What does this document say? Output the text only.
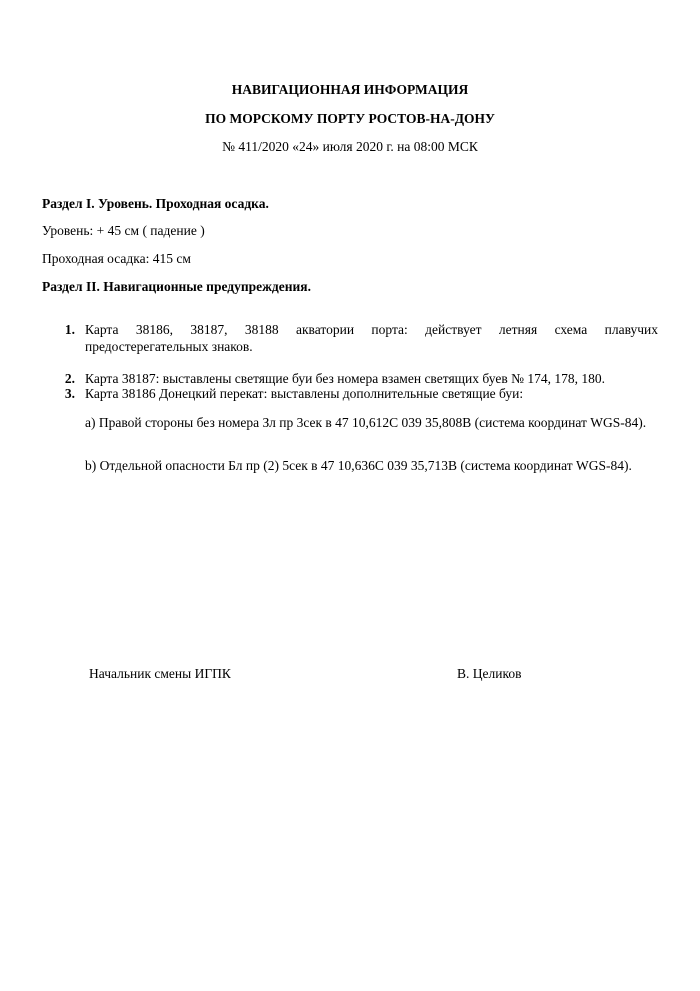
НАВИГАЦИОННАЯ ИНФОРМАЦИЯ
ПО МОРСКОМУ ПОРТУ РОСТОВ-НА-ДОНУ
№ 411/2020 «24» июля 2020 г. на 08:00 МСК
Раздел I. Уровень. Проходная осадка.
Уровень: + 45 см ( падение )
Проходная осадка: 415 см
Раздел II. Навигационные предупреждения.
1. Карта 38186, 38187, 38188 акватории порта: действует летняя схема плавучих предостерегательных знаков.
2. Карта 38187: выставлены светящие буи без номера взамен светящих буев № 174, 178, 180.
3. Карта 38186 Донецкий перекат: выставлены дополнительные светящие буи:
а) Правой стороны без номера Зл пр 3сек в 47 10,612С 039 35,808В (система координат WGS-84).
b) Отдельной опасности Бл пр (2) 5сек в 47 10,636С 039 35,713В (система координат WGS-84).
Начальник смены ИГПК	В. Целиков
